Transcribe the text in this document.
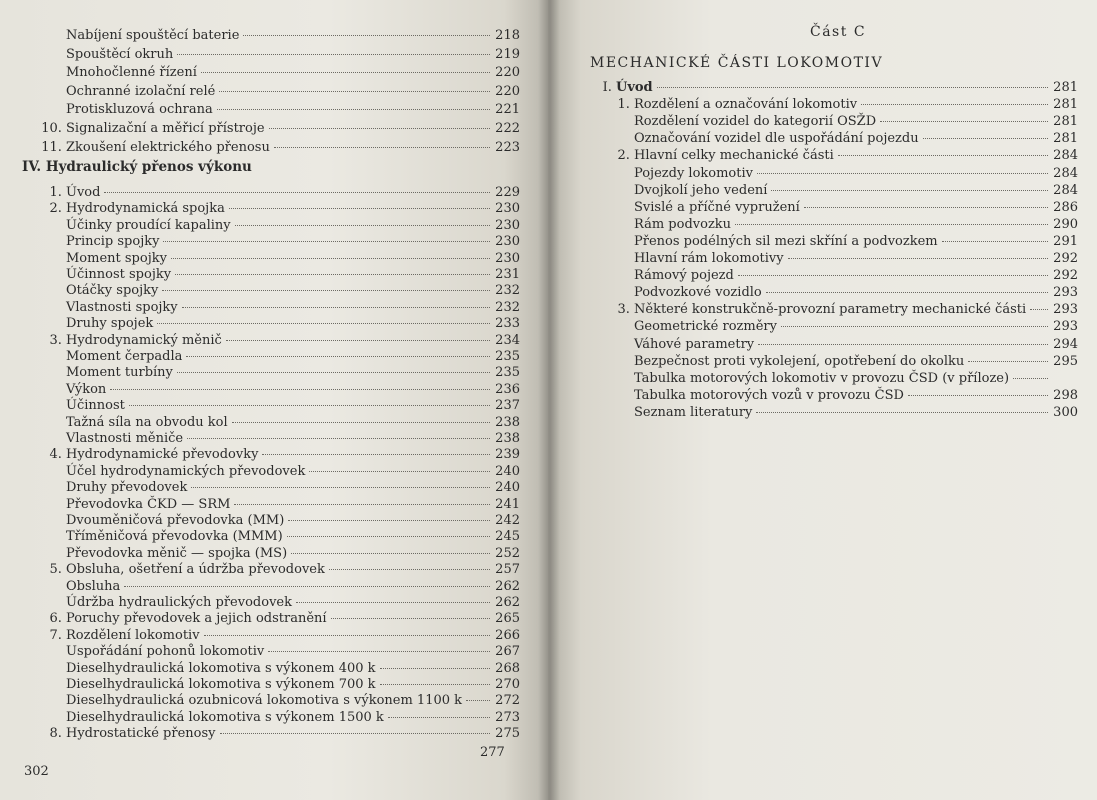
Nabíjení spouštěcí baterie	218
Spouštěcí okruh	219
Mnohočlenné řízení	220
Ochranné izolační relé	220
Protiskluzová ochrana	221
10. Signalizační a měřicí přístroje	222
11. Zkoušení elektrického přenosu	223
IV. Hydraulický přenos výkonu
1. Úvod	229
2. Hydrodynamická spojka	230
Účinky proudící kapaliny	230
Princip spojky	230
Moment spojky	230
Účinnost spojky	231
Otáčky spojky	232
Vlastnosti spojky	232
Druhy spojek	233
3. Hydrodynamický měnič	234
Moment čerpadla	235
Moment turbíny	235
Výkon	236
Účinnost	237
Tažná síla na obvodu kol	238
Vlastnosti měniče	238
4. Hydrodynamické převodovky	239
Účel hydrodynamických převodovek	240
Druhy převodovek	240
Převodovka ČKD — SRM	241
Dvouměničová převodovka (MM)	242
Tříměničová převodovka (MMM)	245
Převodovka měnič — spojka (MS)	252
5. Obsluha, ošetření a údržba převodovek	257
Obsluha	262
Údržba hydraulických převodovek	262
6. Poruchy převodovek a jejich odstranění	265
7. Rozdělení lokomotiv	266
Uspořádání pohonů lokomotiv	267
Dieselhydraulická lokomotiva s výkonem 400 k	268
Dieselhydraulická lokomotiva s výkonem 700 k	270
Dieselhydraulická ozubnicová lokomotiva s výkonem 1100 k	272
Dieselhydraulická lokomotiva s výkonem 1500 k	273
8. Hydrostatické přenosy	275
277
302
Část C
MECHANICKÉ ČÁSTI LOKOMOTIV
I. Úvod	281
1. Rozdělení a označování lokomotiv	281
Rozdělení vozidel do kategorií OSŽD	281
Označování vozidel dle uspořádání pojezdu	281
2. Hlavní celky mechanické části	284
Pojezdy lokomotiv	284
Dvojkolí jeho vedení	284
Svislé a příčné vypružení	286
Rám podvozku	290
Přenos podélných sil mezi skříní a podvozkem	291
Hlavní rám lokomotivy	292
Rámový pojezd	292
Podvozkové vozidlo	293
3. Některé konstrukčně-provozní parametry mechanické části 293
Geometrické rozměry	293
Váhové parametry	294
Bezpečnost proti vykolejení, opotřebení do okolku	295
Tabulka motorových lokomotiv v provozu ČSD (v příloze)
Tabulka motorových vozů v provozu ČSD	298
Seznam literatury	300
